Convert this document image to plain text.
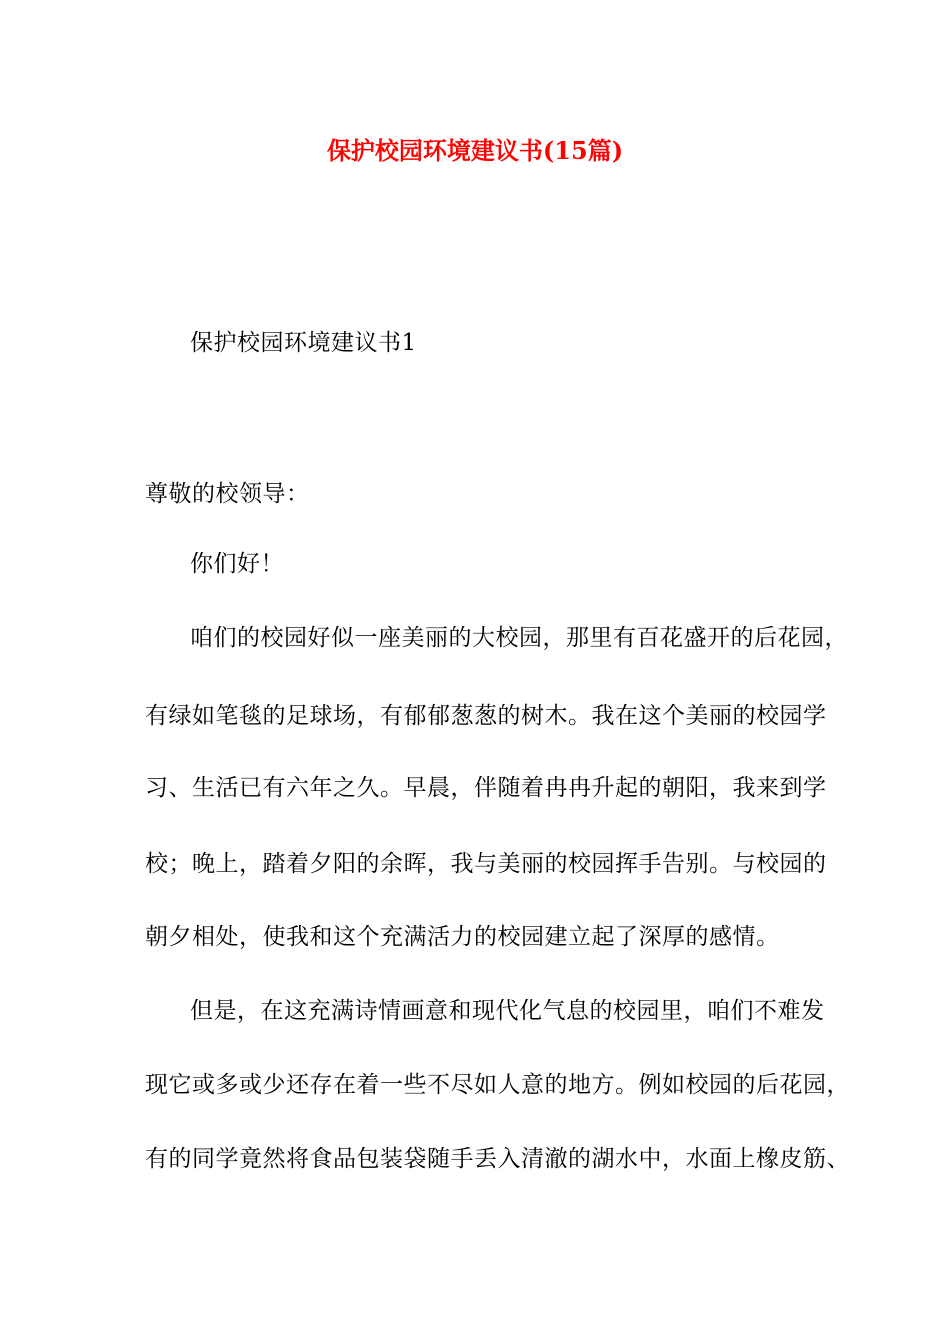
保护校园环境建议书(15篇)
保护校园环境建议书1
尊敬的校领导：
你们好！
咱们的校园好似一座美丽的大校园，那里有百花盛开的后花园，
有绿如笔毯的足球场，有郁郁葱葱的树木。我在这个美丽的校园学
习、生活已有六年之久。早晨，伴随着冉冉升起的朝阳，我来到学
校；晚上，踏着夕阳的余晖，我与美丽的校园挥手告别。与校园的
朝夕相处，使我和这个充满活力的校园建立起了深厚的感情。
但是，在这充满诗情画意和现代化气息的校园里，咱们不难发
现它或多或少还存在着一些不尽如人意的地方。例如校园的后花园，
有的同学竟然将食品包装袋随手丢入清澈的湖水中，水面上橡皮筋、
